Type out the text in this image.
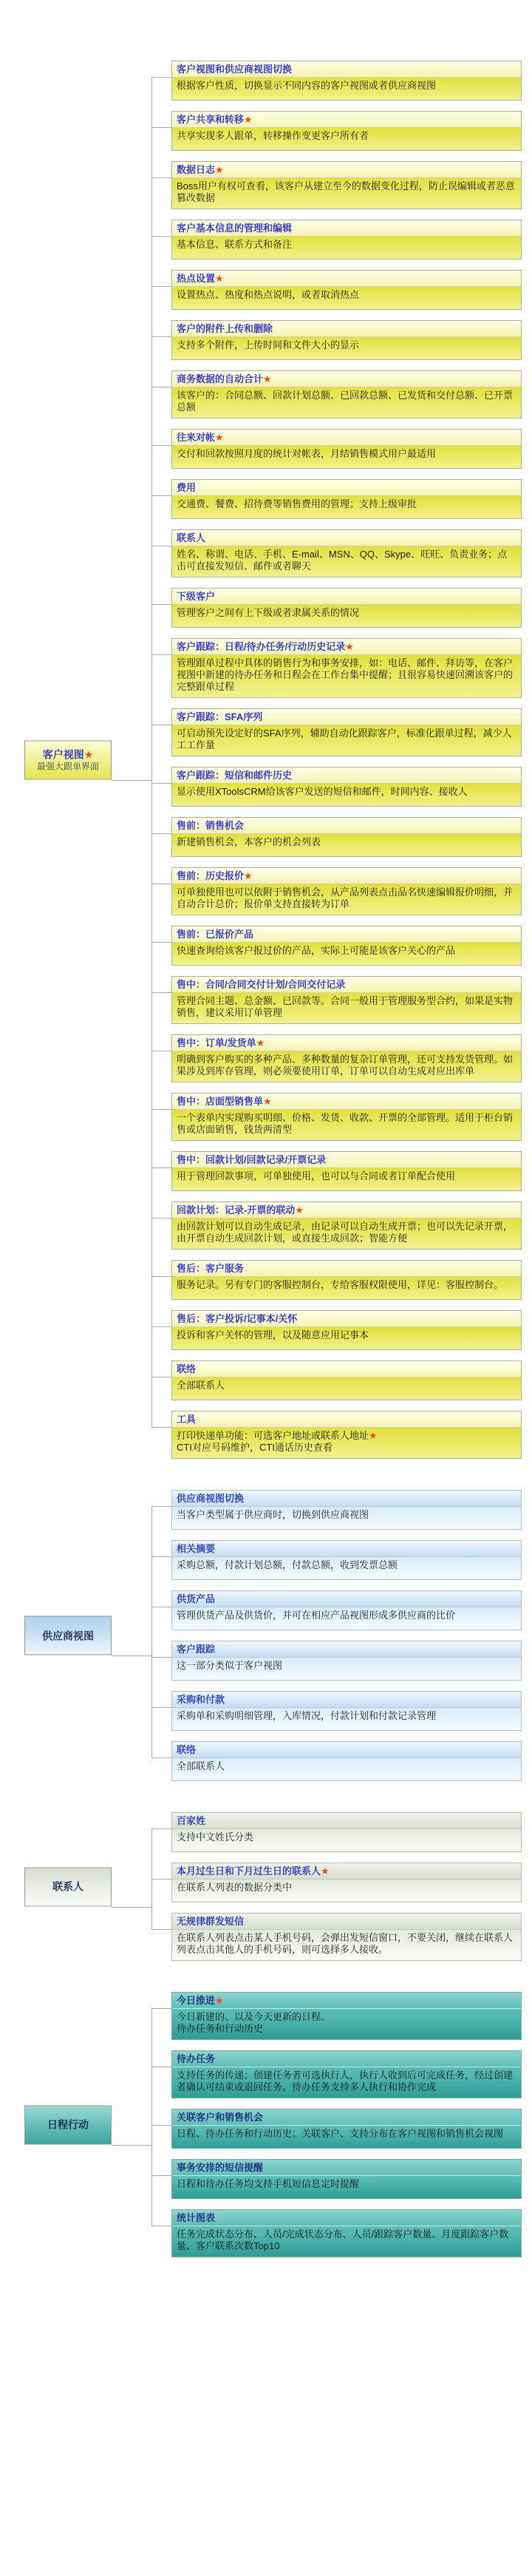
客户视图★
最强大跟单界面
客户视图和供应商视图切换
根据客户性质，切换显示不同内容的客户视图或者供应商视图
客户共享和转移★
共享实现多人跟单，转移操作变更客户所有者
数据日志★
Boss用户有权可查看，该客户从建立至今的数据变化过程，防止误编辑或者恶意篡改数据
客户基本信息的管理和编辑
基本信息、联系方式和备注
热点设置★
设置热点、热度和热点说明，或者取消热点
客户的附件上传和删除
支持多个附件，上传时间和文件大小的显示
商务数据的自动合计★
该客户的：合同总额、回款计划总额、已回款总额、已发货和交付总额、已开票总额
往来对帐★
交付和回款按照月度的统计对帐表，月结销售模式用户最适用
费用
交通费、餐费、招待费等销售费用的管理；支持上级审批
联系人
姓名、称谓、电话、手机、E-mail、MSN、QQ、Skype、旺旺、负责业务；点击可直接发短信、邮件或者聊天
下级客户
管理客户之间有上下级或者隶属关系的情况
客户跟踪：日程/待办任务/行动历史记录★
管理跟单过程中具体的销售行为和事务安排，如：电话、邮件、拜访等，在客户视图中新建的待办任务和日程会在工作台集中提醒；且很容易快速回溯该客户的完整跟单过程
客户跟踪：SFA序列
可启动预先设定好的SFA序列，辅助自动化跟踪客户，标准化跟单过程，减少人工工作量
客户跟踪：短信和邮件历史
显示使用XToolsCRM给该客户发送的短信和邮件，时间内容、接收人
售前：销售机会
新建销售机会，本客户的机会列表
售前：历史报价★
可单独使用也可以依附于销售机会，从产品列表点击品名快速编辑报价明细，并自动合计总价；报价单支持直接转为订单
售前：已报价产品
快速查询给该客户报过价的产品，实际上可能是该客户关心的产品
售中：合同/合同交付计划/合同交付记录
管理合同主题、总金额、已回款等。合同一般用于管理服务型合约，如果是实物销售，建议采用订单管理
售中：订单/发货单★
明确到客户购买的多种产品、多种数量的复杂订单管理，还可支持发货管理。如果涉及到库存管理，则必须要使用订单，订单可以自动生成对应出库单
售中：店面型销售单★
一个表单内实现购买明细、价格、发货、收款、开票的全部管理。适用于柜台销售或店面销售，钱货两清型
售中：回款计划/回款记录/开票记录
用于管理回款事项，可单独使用，也可以与合同或者订单配合使用
回款计划：记录-开票的联动★
由回款计划可以自动生成记录，由记录可以自动生成开票；也可以先记录开票，由开票自动生成回款计划，或直接生成回款；智能方便
售后：客户服务
服务记录。另有专门的客服控制台，专给客服权限使用，详见：客服控制台。
售后：客户投诉/记事本/关怀
投诉和客户关怀的管理，以及随意应用记事本
联络
全部联系人
工具
打印快递单功能：可选客户地址或联系人地址★
CTI对应号码维护，CTI通话历史查看
供应商视图
供应商视图切换
当客户类型属于供应商时，切换到供应商视图
相关摘要
采购总额，付款计划总额，付款总额，收到发票总额
供货产品
管理供货产品及供货价，并可在相应产品视图形成多供应商的比价
客户跟踪
这一部分类似于客户视图
采购和付款
采购单和采购明细管理，入库情况，付款计划和付款记录管理
联络
全部联系人
联系人
百家姓
支持中文姓氏分类
本月过生日和下月过生日的联系人★
在联系人列表的数据分类中
无规律群发短信
在联系人列表点击某人手机号码，会弹出发短信窗口，不要关闭，继续在联系人列表点击其他人的手机号码，则可选择多人接收。
日程行动
今日推进★
今日新建的、以及今天更新的日程、
待办任务和行动历史
待办任务
支持任务的传递；创建任务者可选执行人，执行人收到后可完成任务，经过创建者确认可结束或退回任务。待办任务支持多人执行和协作完成
关联客户和销售机会
日程、待办任务和行动历史；关联客户、支持分布在客户视图和销售机会视图
事务安排的短信提醒
日程和待办任务均支持手机短信息定时提醒
统计图表
任务完成状态分布、人员/完成状态分布、人员/跟踪客户数量、月度跟踪客户数量、客户联系次数Top10
